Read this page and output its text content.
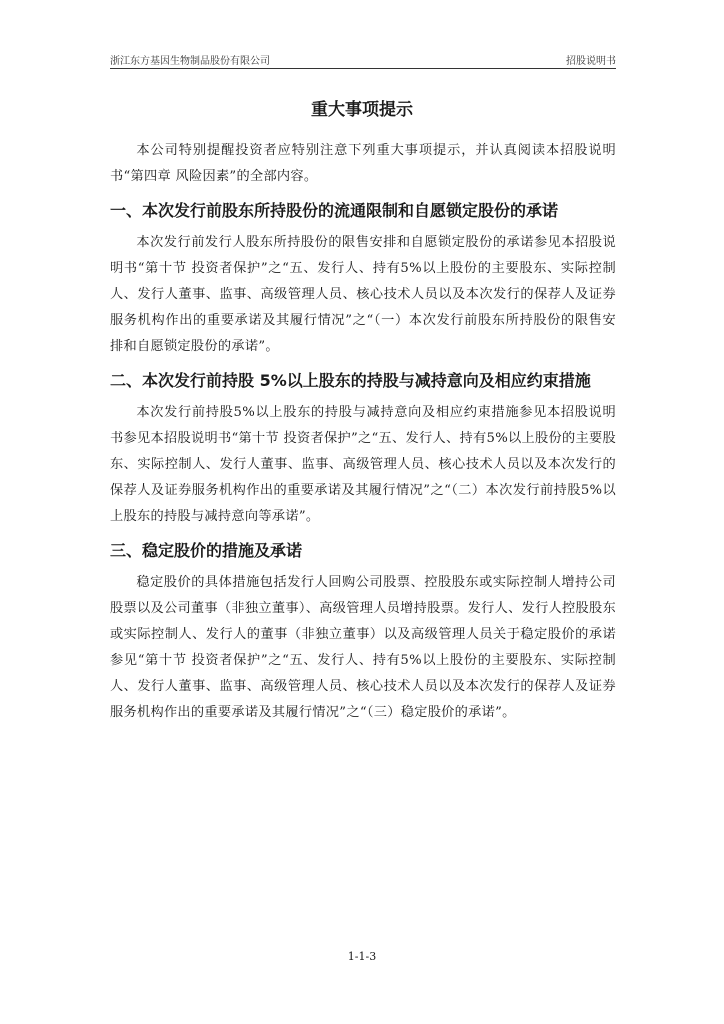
浙江东方基因生物制品股份有限公司	招股说明书
重大事项提示

本公司特别提醒投资者应特别注意下列重大事项提示，并认真阅读本招股说明书“第四章 风险因素”的全部内容。

一、本次发行前股东所持股份的流通限制和自愿锁定股份的承诺

本次发行前发行人股东所持股份的限售安排和自愿锁定股份的承诺参见本招股说明书“第十节 投资者保护”之“五、发行人、持有5%以上股份的主要股东、实际控制人、发行人董事、监事、高级管理人员、核心技术人员以及本次发行的保荐人及证券服务机构作出的重要承诺及其履行情况”之“（一）本次发行前股东所持股份的限售安排和自愿锁定股份的承诺”。

二、本次发行前持股 5%以上股东的持股与减持意向及相应约束措施

本次发行前持股5%以上股东的持股与减持意向及相应约束措施参见本招股说明书参见本招股说明书“第十节 投资者保护”之“五、发行人、持有5%以上股份的主要股东、实际控制人、发行人董事、监事、高级管理人员、核心技术人员以及本次发行的保荐人及证券服务机构作出的重要承诺及其履行情况”之“（二）本次发行前持股5%以上股东的持股与减持意向等承诺”。

三、稳定股价的措施及承诺

稳定股价的具体措施包括发行人回购公司股票、控股股东或实际控制人增持公司股票以及公司董事（非独立董事）、高级管理人员增持股票。发行人、发行人控股股东或实际控制人、发行人的董事（非独立董事）以及高级管理人员关于稳定股价的承诺参见“第十节 投资者保护”之“五、发行人、持有5%以上股份的主要股东、实际控制人、发行人董事、监事、高级管理人员、核心技术人员以及本次发行的保荐人及证券服务机构作出的重要承诺及其履行情况”之“（三）稳定股价的承诺”。

1-1-3
